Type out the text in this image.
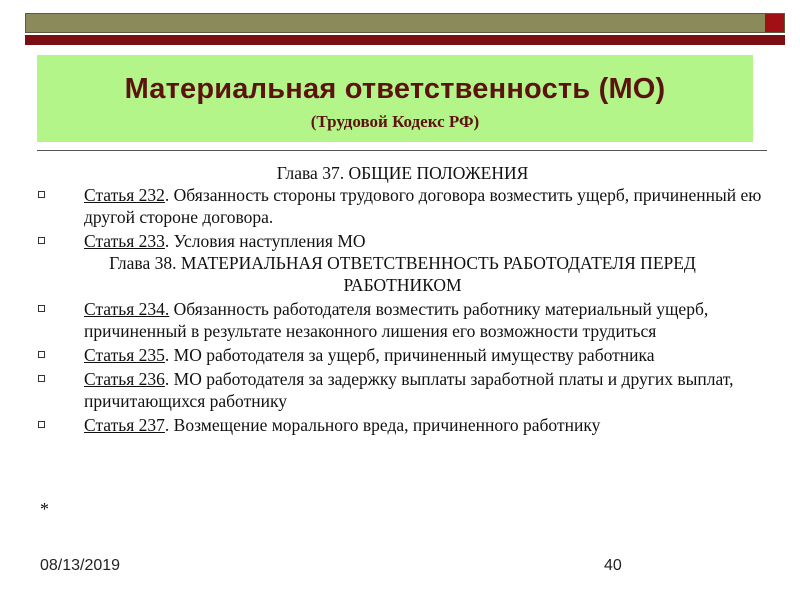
Материальная ответственность (МО)
(Трудовой Кодекс РФ)
Глава 37. ОБЩИЕ ПОЛОЖЕНИЯ
Статья 232. Обязанность стороны трудового договора возместить ущерб, причиненный ею другой стороне договора.
Статья 233. Условия наступления МО
Глава 38. МАТЕРИАЛЬНАЯ ОТВЕТСТВЕННОСТЬ РАБОТОДАТЕЛЯ ПЕРЕД РАБОТНИКОМ
Статья 234. Обязанность работодателя возместить работнику материальный ущерб, причиненный в результате незаконного лишения его возможности трудиться
Статья 235. МО работодателя за ущерб, причиненный имуществу работника
Статья 236. МО работодателя за задержку выплаты заработной платы и других выплат, причитающихся работнику
Статья 237. Возмещение морального вреда, причиненного работнику
*
08/13/2019	40
